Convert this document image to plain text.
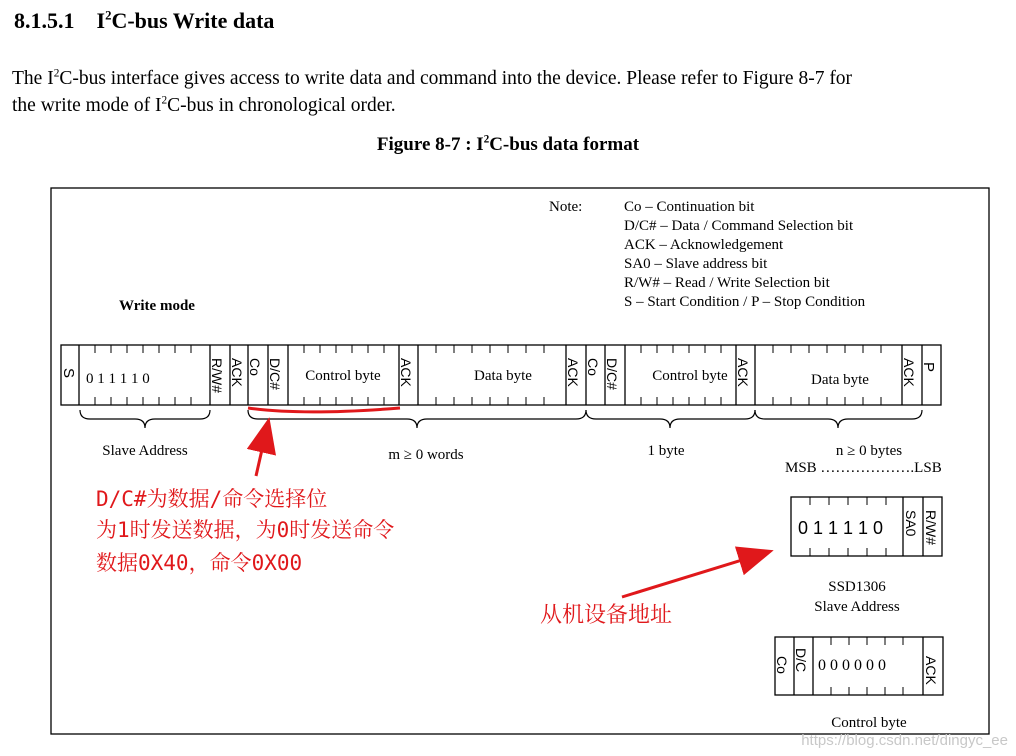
8.1.5.1 $I^2C$-bus Write data
The $I^2C$-bus interface gives access to write data and command into the device. Please refer to Figure 8-7 for
the write mode of $I^2C$-bus in chronological order.
Figure 8-7 : $I^2C$-bus data format
Note:	Co – Continuation bit
D/C# – Data / Command Selection bit
ACK – Acknowledgement
SA0 – Slave address bit
R/W# – Read / Write Selection bit
S – Start Condition / P – Stop Condition
Write mode
S	R/W# ACK Co D/C#	ACK	ACK Co D/C#	ACK	ACK P
0 1 1 1 1 0	Control byte	Data byte	Control byte	Data byte
Slave Address	m ≥ 0 words	1 byte	n ≥ 0 bytes
D/C#为数据/命令选择位
为1时发送数据，为0时发送命令
数据0X40，命令0X00
从机设备地址
MSB ……………….LSB
0 1 1 1 1 0 SA0 R/W#
SSD1306
Slave Address
Co D/C 0 0 0 0 0 0	ACK
Control byte
https://blog.csdn.net/dingyc_ee
